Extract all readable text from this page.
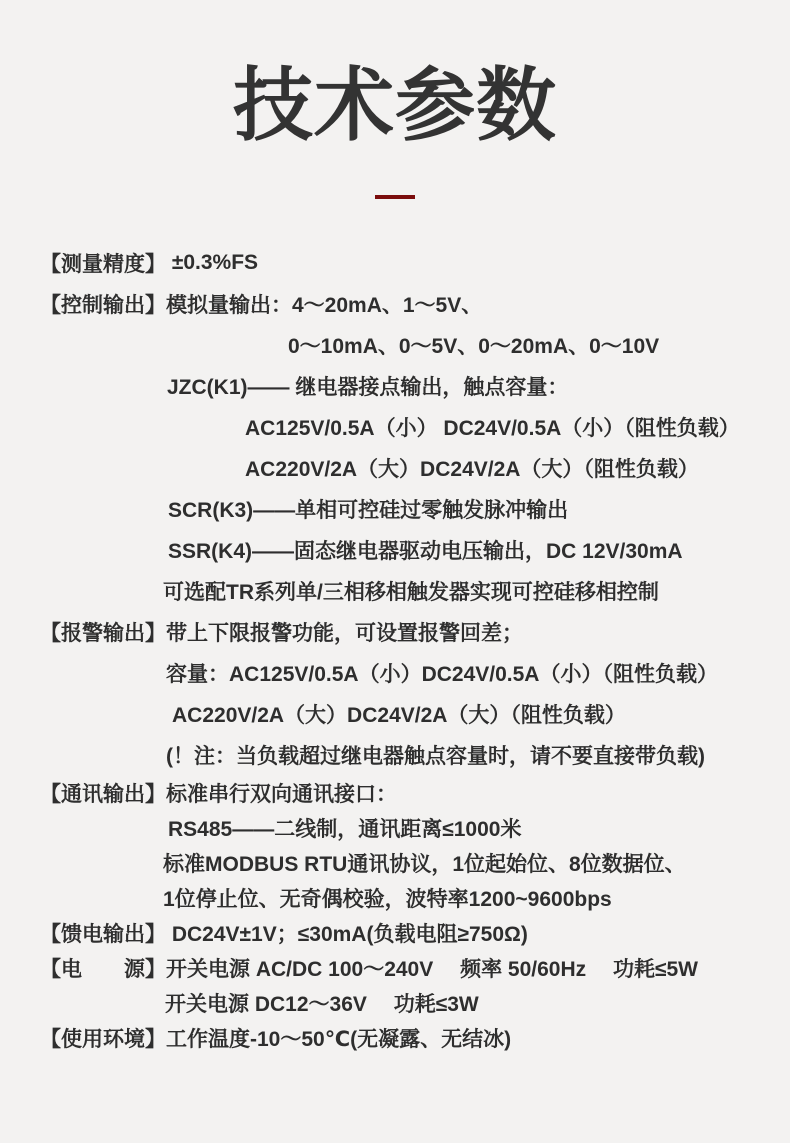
技术参数
【测量精度】 ±0.3%FS
【控制输出】 模拟量输出：4～20mA、1～5V、
0～10mA、0～5V、0～20mA、0～10V
JZC(K1)—— 继电器接点输出，触点容量：
AC125V/0.5A（小） DC24V/0.5A（小）（阻性负载）
AC220V/2A（大）DC24V/2A（大）（阻性负载）
SCR(K3)——单相可控硅过零触发脉冲输出
SSR(K4)——固态继电器驱动电压输出，DC 12V/30mA
可选配TR系列单/三相移相触发器实现可控硅移相控制
【报警输出】 带上下限报警功能，可设置报警回差；
容量：AC125V/0.5A（小）DC24V/0.5A（小）（阻性负载）
AC220V/2A（大）DC24V/2A（大）（阻性负载）
(！注：当负载超过继电器触点容量时，请不要直接带负载)
【通讯输出】 标准串行双向通讯接口：
RS485——二线制，通讯距离≤1000米
标准MODBUS RTU通讯协议，1位起始位、8位数据位、
1位停止位、无奇偶校验，波特率1200~9600bps
【馈电输出】 DC24V±1V；≤30mA(负载电阻≥750Ω)
【电　　源】 开关电源 AC/DC 100～240V　 频率 50/60Hz　 功耗≤5W
开关电源 DC12～36V　 功耗≤3W
【使用环境】 工作温度-10～50℃(无凝露、无结冰)
